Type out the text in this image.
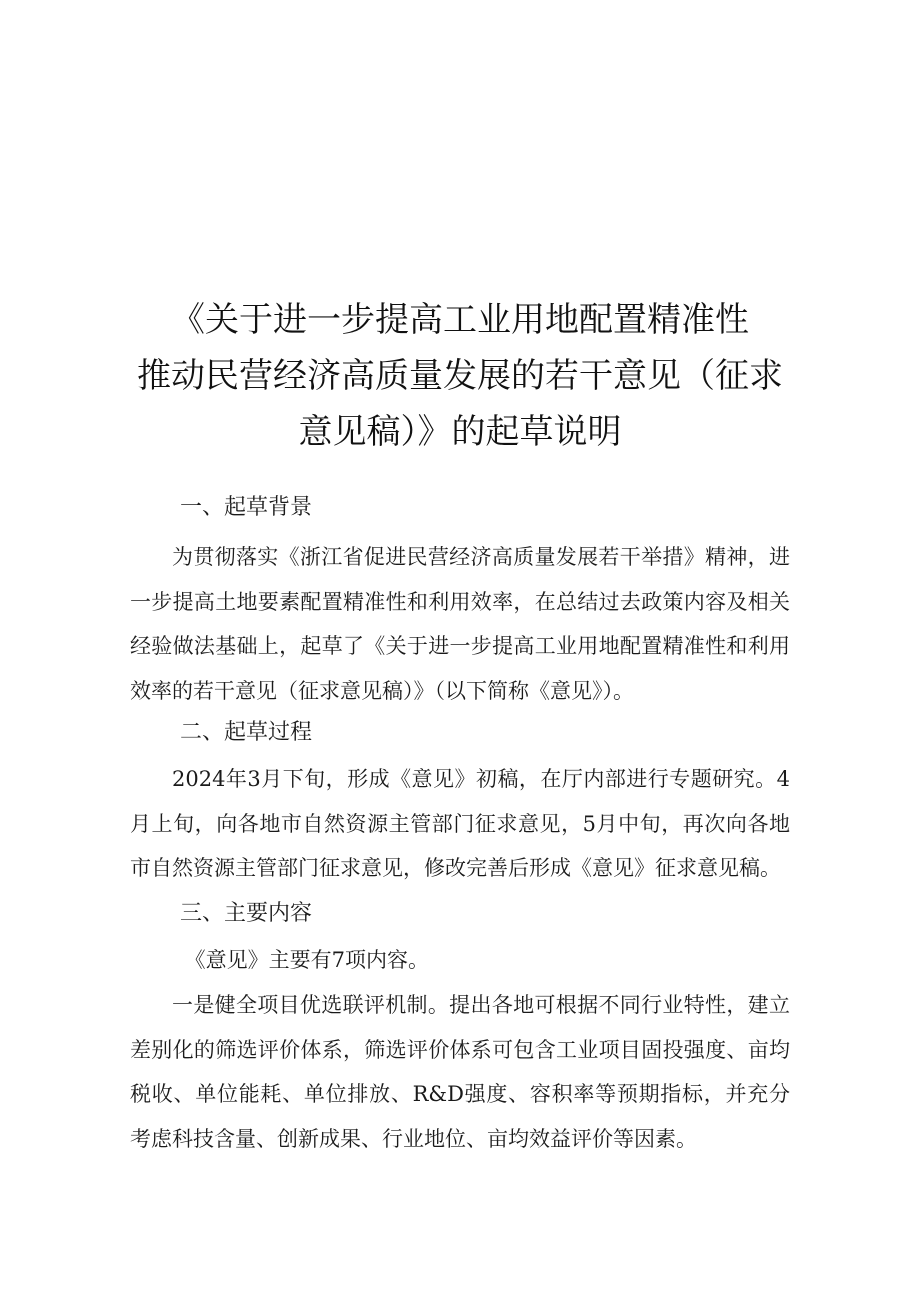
《关于进一步提高工业用地配置精准性
推动民营经济高质量发展的若干意见（征求
意见稿）》的起草说明
一、起草背景
为贯彻落实《浙江省促进民营经济高质量发展若干举措》精神，进一步提高土地要素配置精准性和利用效率，在总结过去政策内容及相关经验做法基础上，起草了《关于进一步提高工业用地配置精准性和利用效率的若干意见（征求意见稿）》（以下简称《意见》）。
二、起草过程
2024年3月下旬，形成《意见》初稿，在厅内部进行专题研究。4月上旬，向各地市自然资源主管部门征求意见，5月中旬，再次向各地市自然资源主管部门征求意见，修改完善后形成《意见》征求意见稿。
三、主要内容
《意见》主要有7项内容。
一是健全项目优选联评机制。提出各地可根据不同行业特性，建立差别化的筛选评价体系，筛选评价体系可包含工业项目固投强度、亩均税收、单位能耗、单位排放、R&D强度、容积率等预期指标，并充分考虑科技含量、创新成果、行业地位、亩均效益评价等因素。
